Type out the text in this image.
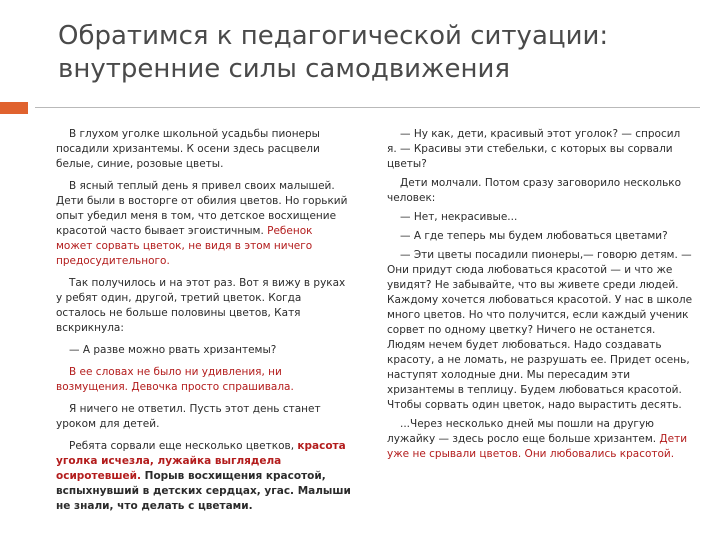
Обратимся к педагогической ситуации:
внутренние силы самодвижения

В глухом уголке школьной усадьбы пионеры посадили хризантемы. К осени здесь расцвели белые, синие, розовые цветы.

В ясный теплый день я привел своих малышей. Дети были в восторге от обилия цветов. Но горький опыт убедил меня в том, что детское восхищение красотой часто бывает эгоистичным. Ребенок может сорвать цветок, не видя в этом ничего предосудительного.

Так получилось и на этот раз. Вот я вижу в руках у ребят один, другой, третий цветок. Когда осталось не больше половины цветов, Катя вскрикнула:

— А разве можно рвать хризантемы?

В ее словах не было ни удивления, ни возмущения. Девочка просто спрашивала.

Я ничего не ответил. Пусть этот день станет уроком для детей.

Ребята сорвали еще несколько цветков, красота уголка исчезла, лужайка выглядела осиротевшей. Порыв восхищения красотой, вспыхнувший в детских сердцах, угас. Малыши не знали, что делать с цветами.

— Ну как, дети, красивый этот уголок? — спросил я. — Красивы эти стебельки, с которых вы сорвали цветы?

Дети молчали. Потом сразу заговорило несколько человек:

— Нет, некрасивые...

— А где теперь мы будем любоваться цветами?

— Эти цветы посадили пионеры,— говорю детям. — Они придут сюда любоваться красотой — и что же увидят? Не забывайте, что вы живете среди людей. Каждому хочется любоваться красотой. У нас в школе много цветов. Но что получится, если каждый ученик сорвет по одному цветку? Ничего не останется. Людям нечем будет любоваться. Надо создавать красоту, а не ломать, не разрушать ее. Придет осень, наступят холодные дни. Мы пересадим эти хризантемы в теплицу. Будем любоваться красотой. Чтобы сорвать один цветок, надо вырастить десять.

...Через несколько дней мы пошли на другую лужайку — здесь росло еще больше хризантем. Дети уже не срывали цветов. Они любовались красотой.
